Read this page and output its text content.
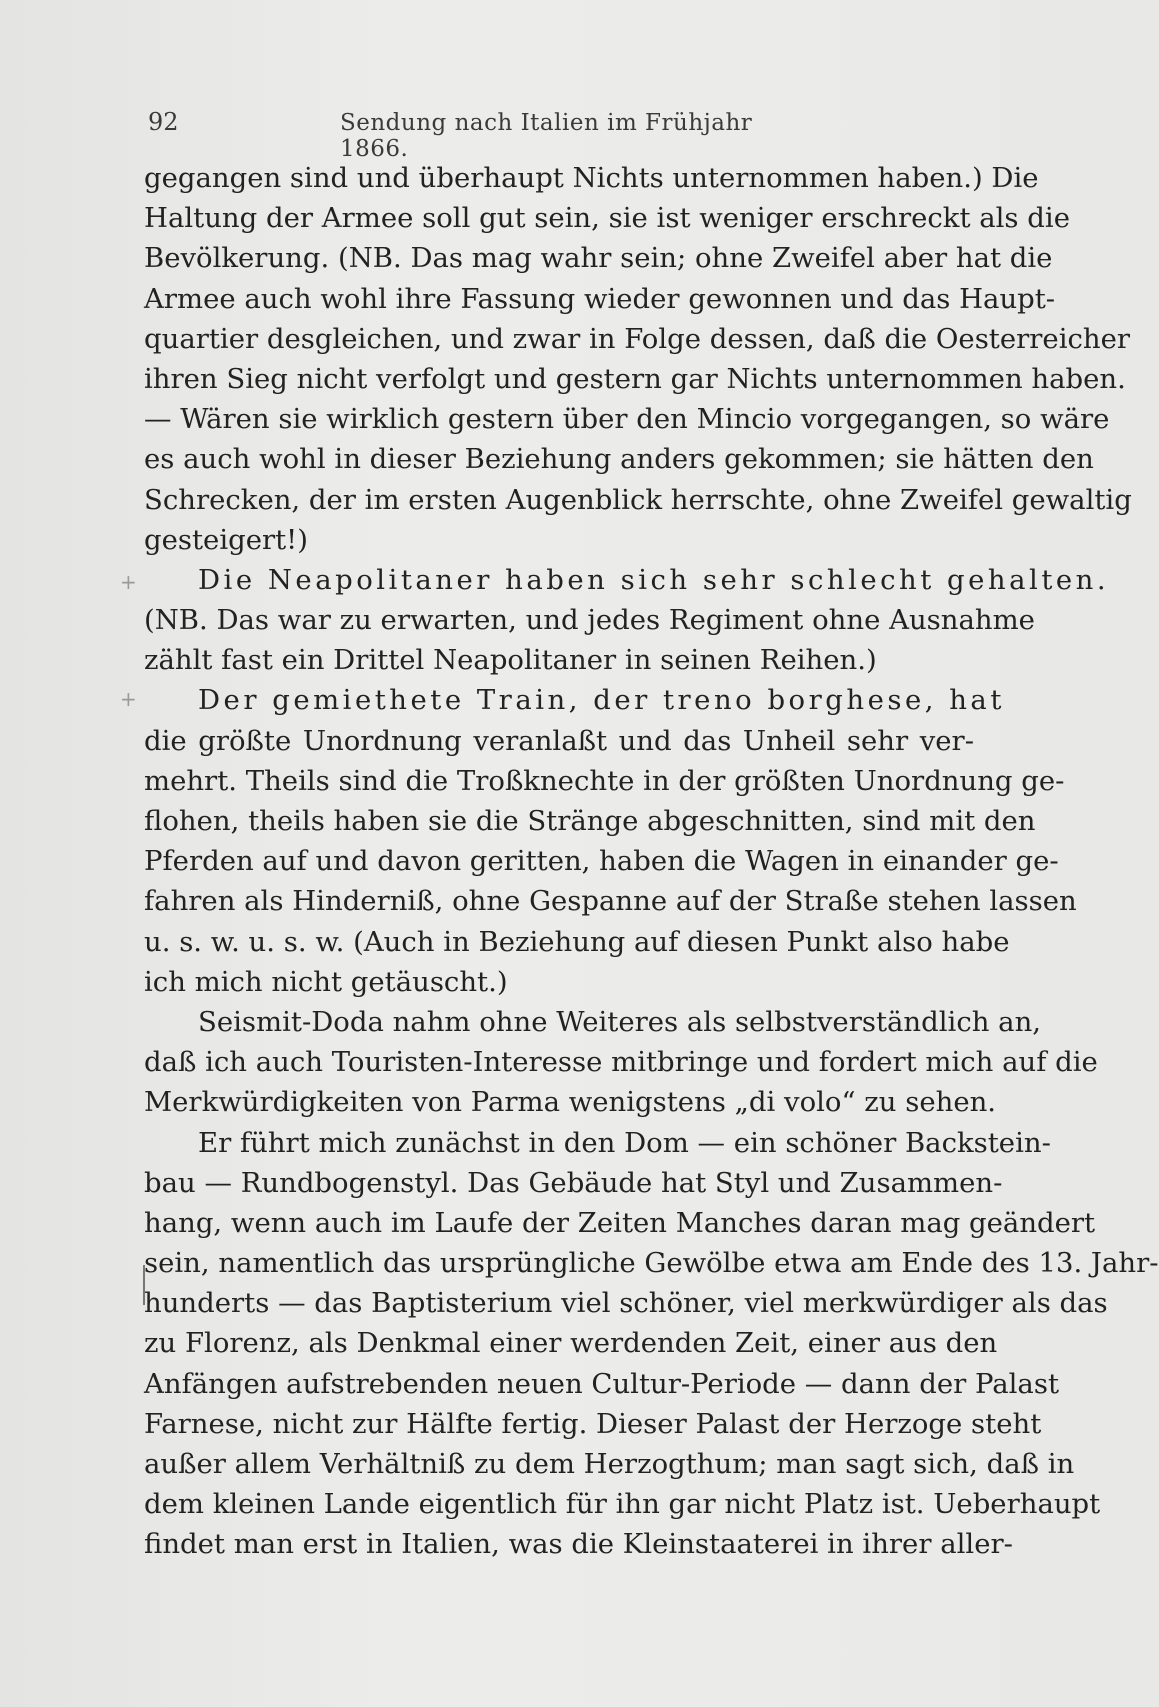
92	Sendung nach Italien im Frühjahr 1866.
+
+
gegangen sind und überhaupt Nichts unternommen haben.) Die
Haltung der Armee soll gut sein, sie ist weniger erschreckt als die
Bevölkerung. (NB. Das mag wahr sein; ohne Zweifel aber hat die
Armee auch wohl ihre Fassung wieder gewonnen und das Haupt-
quartier desgleichen, und zwar in Folge dessen, daß die Oesterreicher
ihren Sieg nicht verfolgt und gestern gar Nichts unternommen haben.
— Wären sie wirklich gestern über den Mincio vorgegangen, so wäre
es auch wohl in dieser Beziehung anders gekommen; sie hätten den
Schrecken, der im ersten Augenblick herrschte, ohne Zweifel gewaltig
gesteigert!)
Die Neapolitaner haben sich sehr schlecht gehalten.
(NB. Das war zu erwarten, und jedes Regiment ohne Ausnahme
zählt fast ein Drittel Neapolitaner in seinen Reihen.)
Der gemiethete Train, der treno borghese, hat
die größte Unordnung veranlaßt und das Unheil sehr ver-
mehrt. Theils sind die Troßknechte in der größten Unordnung ge-
flohen, theils haben sie die Stränge abgeschnitten, sind mit den
Pferden auf und davon geritten, haben die Wagen in einander ge-
fahren als Hinderniß, ohne Gespanne auf der Straße stehen lassen
u. s. w. u. s. w. (Auch in Beziehung auf diesen Punkt also habe
ich mich nicht getäuscht.)
Seismit-Doda nahm ohne Weiteres als selbstverständlich an,
daß ich auch Touristen-Interesse mitbringe und fordert mich auf die
Merkwürdigkeiten von Parma wenigstens „di volo“ zu sehen.
Er führt mich zunächst in den Dom — ein schöner Backstein-
bau — Rundbogenstyl. Das Gebäude hat Styl und Zusammen-
hang, wenn auch im Laufe der Zeiten Manches daran mag geändert
sein, namentlich das ursprüngliche Gewölbe etwa am Ende des 13. Jahr-
hunderts — das Baptisterium viel schöner, viel merkwürdiger als das
zu Florenz, als Denkmal einer werdenden Zeit, einer aus den
Anfängen aufstrebenden neuen Cultur-Periode — dann der Palast
Farnese, nicht zur Hälfte fertig. Dieser Palast der Herzoge steht
außer allem Verhältniß zu dem Herzogthum; man sagt sich, daß in
dem kleinen Lande eigentlich für ihn gar nicht Platz ist. Ueberhaupt
findet man erst in Italien, was die Kleinstaaterei in ihrer aller-
